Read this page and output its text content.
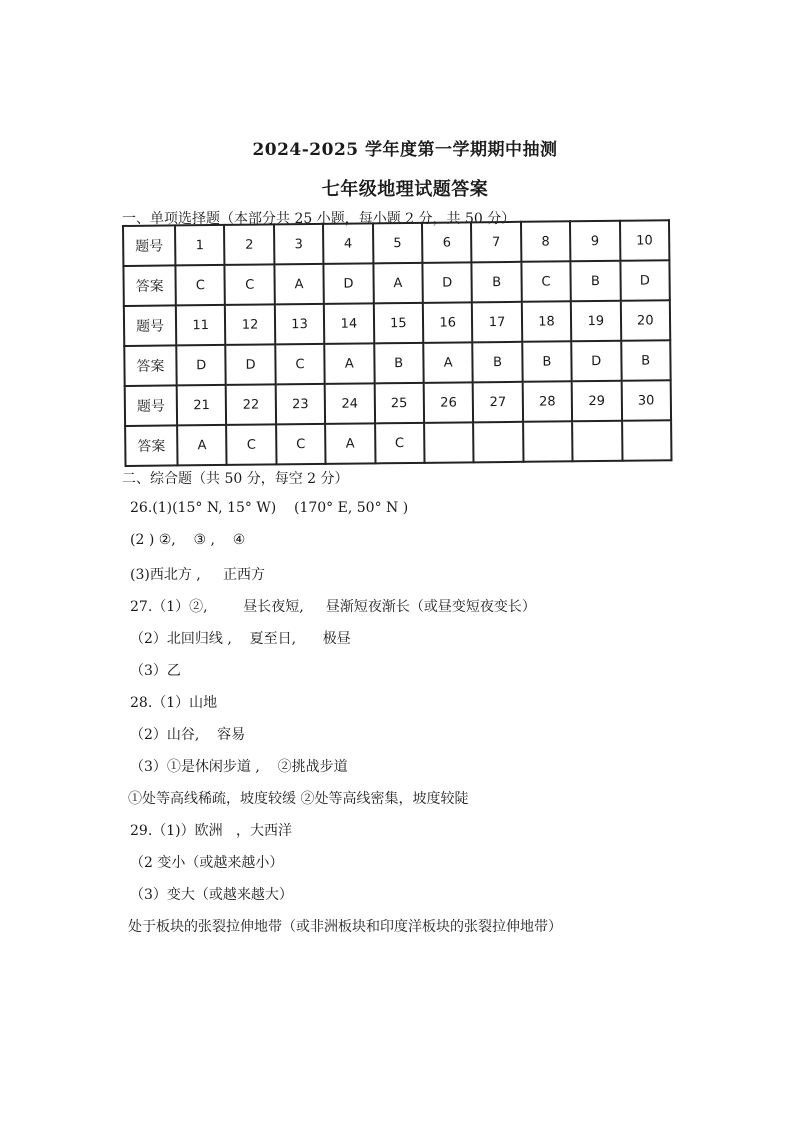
2024-2025 学年度第一学期期中抽测
七年级地理试题答案
一、单项选择题（本部分共 25 小题，每小题 2 分，共 50 分）
题号	1	2	3	4	5	6	7	8	9	10
答案	C	C	A	D	A	D	B	C	B	D
题号	11	12	13	14	15	16	17	18	19	20
答案	D	D	C	A	B	A	B	B	D	B
题号	21	22	23	24	25	26	27	28	29	30
答案	A	C	C	A	C					
二、综合题（共 50 分，每空 2 分）
26.(1)(15° N, 15° W)    (170° E, 50° N )
(2 ) ②,    ③ ,    ④
(3)西北方 ,     正西方
27.（1）②,        昼长夜短,     昼渐短夜渐长（或昼变短夜变长）
（2）北回归线 ,    夏至日,      极昼
（3）乙
28.（1）山地
（2）山谷,    容易
（3）①是休闲步道 ,    ②挑战步道
①处等高线稀疏，坡度较缓 ②处等高线密集，坡度较陡
29.（1)）欧洲   ，大西洋
（2 变小（或越来越小）
（3）变大（或越来越大）
处于板块的张裂拉伸地带（或非洲板块和印度洋板块的张裂拉伸地带）
